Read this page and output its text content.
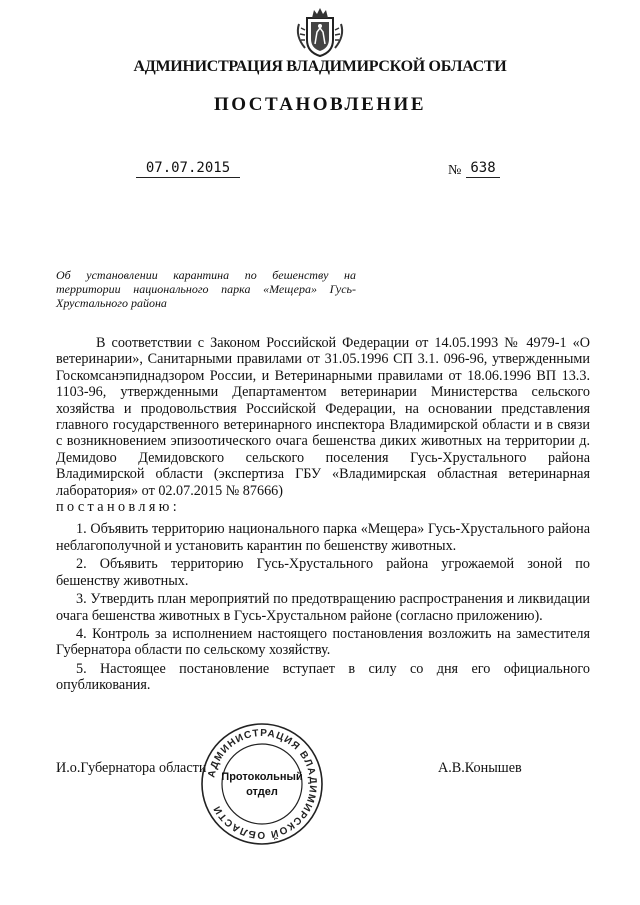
АДМИНИСТРАЦИЯ ВЛАДИМИРСКОЙ ОБЛАСТИ
ПОСТАНОВЛЕНИЕ
07.07.2015	№ 638
Об установлении карантина по бешенству на территории национального парка «Мещера» Гусь-Хрустального района

В соответствии с Законом Российской Федерации от 14.05.1993 № 4979-1 «О ветеринарии», Санитарными правилами от 31.05.1996 СП 3.1. 096-96, утвержденными Госкомсанэпиднадзором России, и Ветеринарными правилами от 18.06.1996 ВП 13.3. 1103-96, утвержденными Департаментом ветеринарии Министерства сельского хозяйства и продовольствия Российской Федерации, на основании представления главного государственного ветеринарного инспектора Владимирской области и в связи с возникновением эпизоотического очага бешенства диких животных на территории д. Демидово Демидовского сельского поселения Гусь-Хрустального района Владимирской области (экспертиза ГБУ «Владимирская областная ветеринарная лаборатория» от 02.07.2015 № 87666)

постановляю:

1. Объявить территорию национального парка «Мещера» Гусь-Хрустального района неблагополучной и установить карантин по бешенству животных.

2. Объявить территорию Гусь-Хрустального района угрожаемой зоной по бешенству животных.

3. Утвердить план мероприятий по предотвращению распространения и ликвидации очага бешенства животных в Гусь-Хрустальном районе (согласно приложению).

4. Контроль за исполнением настоящего постановления возложить на заместителя Губернатора области по сельскому хозяйству.

5. Настоящее постановление вступает в силу со дня его официального опубликования.

И.о.Губернатора области	А.В.Конышев
АДМИНИСТРАЦИЯ ВЛАДИМИРСКОЙ ОБЛАСТИ
Протокольный
отдел
